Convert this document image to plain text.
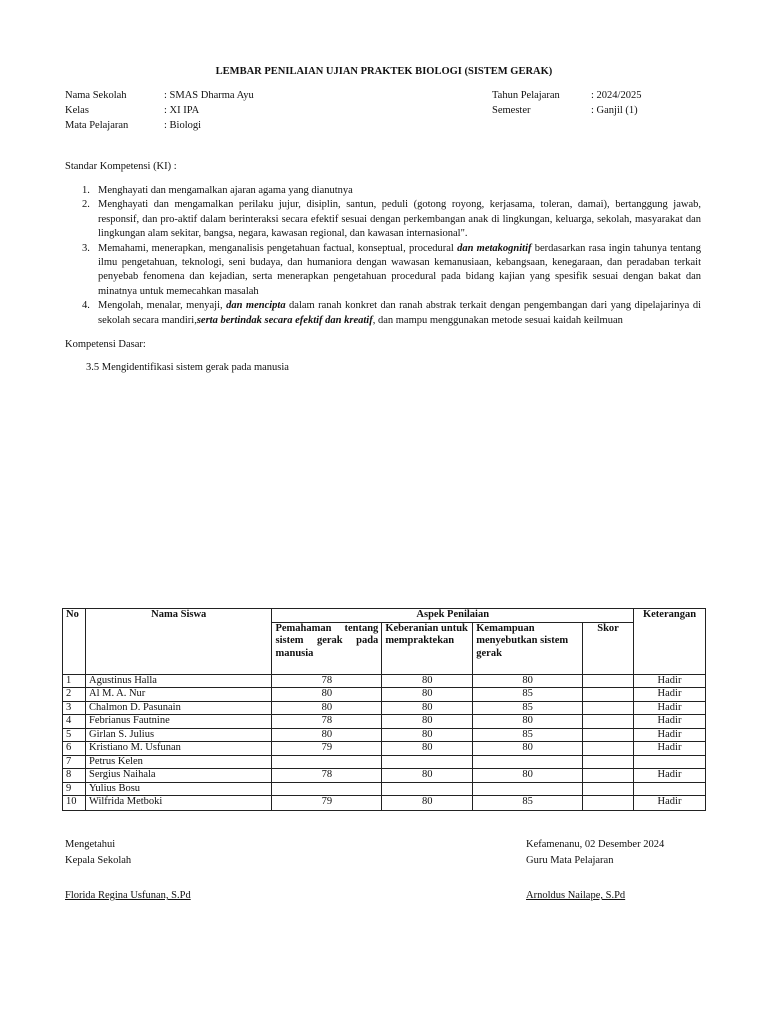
LEMBAR PENILAIAN UJIAN PRAKTEK BIOLOGI (SISTEM GERAK)
Nama Sekolah	: SMAS Dharma Ayu
Kelas	: XI IPA
Mata Pelajaran	: Biologi
Tahun Pelajaran	: 2024/2025
Semester	: Ganjil (1)
Standar Kompetensi (KI) :
1. Menghayati dan mengamalkan ajaran agama yang dianutnya
2. Menghayati dan mengamalkan perilaku jujur, disiplin, santun, peduli (gotong royong, kerjasama, toleran, damai), bertanggung jawab, responsif, dan pro-aktif dalam berinteraksi secara efektif sesuai dengan perkembangan anak di lingkungan, keluarga, sekolah, masyarakat dan lingkungan alam sekitar, bangsa, negara, kawasan regional, dan kawasan internasional".
3. Memahami, menerapkan, menganalisis pengetahuan factual, konseptual, procedural dan metakognitif berdasarkan rasa ingin tahunya tentang ilmu pengetahuan, teknologi, seni budaya, dan humaniora dengan wawasan kemanusiaan, kebangsaan, kenegaraan, dan peradaban terkait penyebab fenomena dan kejadian, serta menerapkan pengetahuan procedural pada bidang kajian yang spesifik sesuai dengan bakat dan minatnya untuk memecahkan masalah
4. Mengolah, menalar, menyaji, dan mencipta dalam ranah konkret dan ranah abstrak terkait dengan pengembangan dari yang dipelajarinya di sekolah secara mandiri,serta bertindak secara efektif dan kreatif, dan mampu menggunakan metode sesuai kaidah keilmuan
Kompetensi Dasar:
3.5 Mengidentifikasi sistem gerak pada manusia
No	Nama Siswa	Aspek Penilaian				Keterangan
		Pemahaman tentang sistem gerak pada manusia	Keberanian untuk mempraktekan	Kemampuan menyebutkan sistem gerak	Skor	
1	Agustinus Halla	78	80	80		Hadir
2	Al M. A. Nur	80	80	85		Hadir
3	Chalmon D. Pasunain	80	80	85		Hadir
4	Febrianus Fautnine	78	80	80		Hadir
5	Girlan S. Julius	80	80	85		Hadir
6	Kristiano M. Usfunan	79	80	80		Hadir
7	Petrus Kelen					
8	Sergius Naihala	78	80	80		Hadir
9	Yulius Bosu					
10	Wilfrida Metboki	79	80	85		Hadir
Mengetahui
Kepala Sekolah
Florida Regina Usfunan, S.Pd
Kefamenanu, 02 Desember 2024
Guru Mata Pelajaran
Arnoldus Nailape, S.Pd
